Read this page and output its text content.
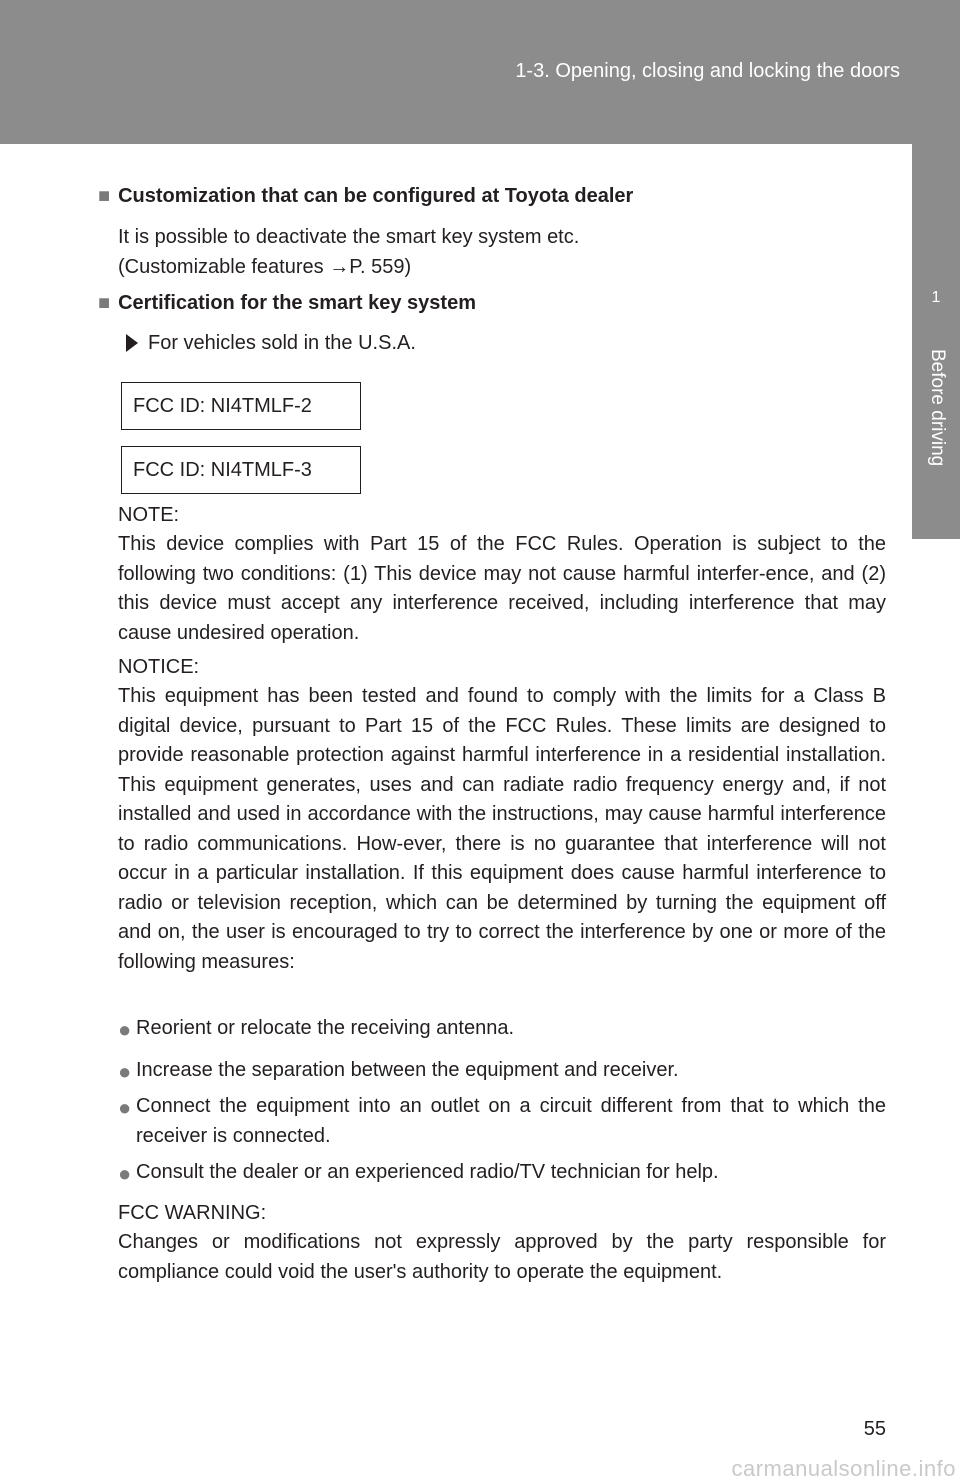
1-3. Opening, closing and locking the doors
1
Before driving
■ Customization that can be configured at Toyota dealer
It is possible to deactivate the smart key system etc.
(Customizable features →P. 559)
■ Certification for the smart key system
For vehicles sold in the U.S.A.
FCC ID: NI4TMLF-2
FCC ID: NI4TMLF-3
NOTE:
This device complies with Part 15 of the FCC Rules. Operation is subject to the following two conditions: (1) This device may not cause harmful interfer-ence, and (2) this device must accept any interference received, including interference that may cause undesired operation.
NOTICE:
This equipment has been tested and found to comply with the limits for a Class B digital device, pursuant to Part 15 of the FCC Rules. These limits are designed to provide reasonable protection against harmful interference in a residential installation. This equipment generates, uses and can radiate radio frequency energy and, if not installed and used in accordance with the instructions, may cause harmful interference to radio communications. How-ever, there is no guarantee that interference will not occur in a particular installation. If this equipment does cause harmful interference to radio or television reception, which can be determined by turning the equipment off and on, the user is encouraged to try to correct the interference by one or more of the following measures:
● Reorient or relocate the receiving antenna.
● Increase the separation between the equipment and receiver.
● Connect the equipment into an outlet on a circuit different from that to which the receiver is connected.
● Consult the dealer or an experienced radio/TV technician for help.
FCC WARNING:
Changes or modifications not expressly approved by the party responsible for compliance could void the user's authority to operate the equipment.
55
carmanualsonline.info
